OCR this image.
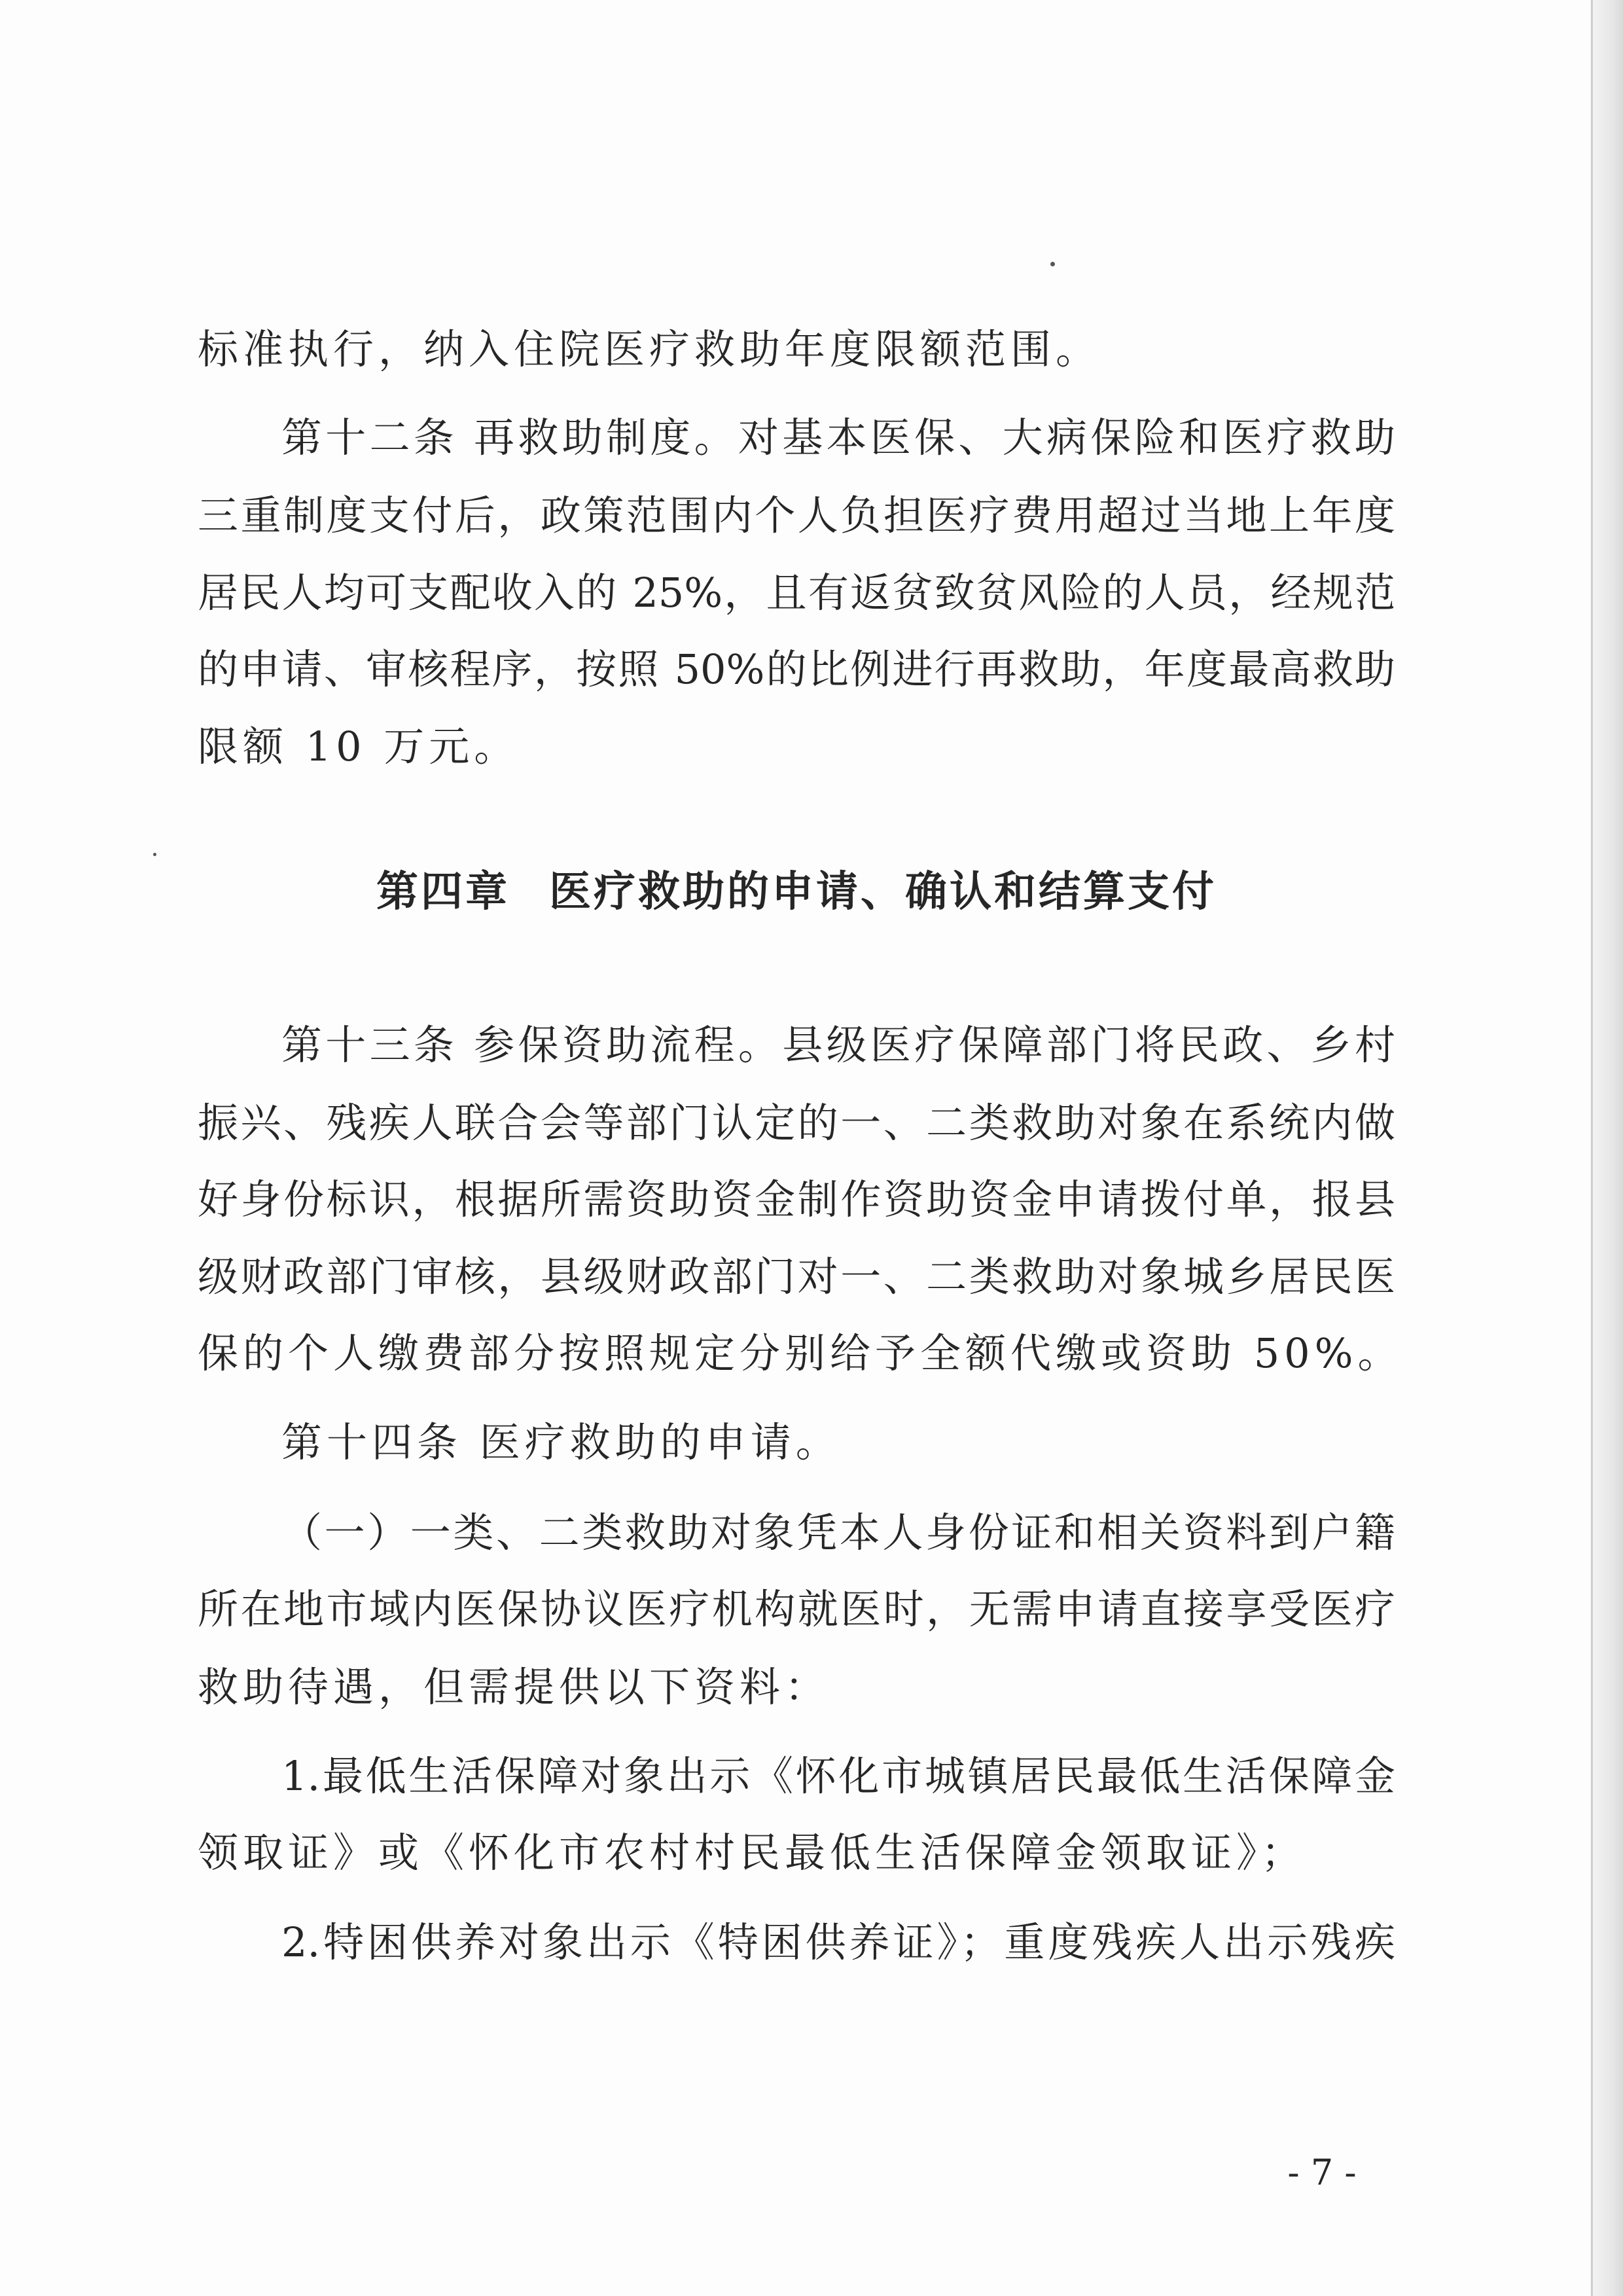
标准执行，纳入住院医疗救助年度限额范围。
第十二条 再救助制度。对基本医保、大病保险和医疗救助
三重制度支付后，政策范围内个人负担医疗费用超过当地上年度
居民人均可支配收入的 25%，且有返贫致贫风险的人员，经规范
的申请、审核程序，按照 50%的比例进行再救助，年度最高救助
限额 10 万元。
第四章 医疗救助的申请、确认和结算支付
第十三条 参保资助流程。县级医疗保障部门将民政、乡村
振兴、残疾人联合会等部门认定的一、二类救助对象在系统内做
好身份标识，根据所需资助资金制作资助资金申请拨付单，报县
级财政部门审核，县级财政部门对一、二类救助对象城乡居民医
保的个人缴费部分按照规定分别给予全额代缴或资助 50%。
第十四条 医疗救助的申请。
（一）一类、二类救助对象凭本人身份证和相关资料到户籍
所在地市域内医保协议医疗机构就医时，无需申请直接享受医疗
救助待遇，但需提供以下资料：
1.最低生活保障对象出示《怀化市城镇居民最低生活保障金
领取证》或《怀化市农村村民最低生活保障金领取证》；
2.特困供养对象出示《特困供养证》；重度残疾人出示残疾
- 7 -
